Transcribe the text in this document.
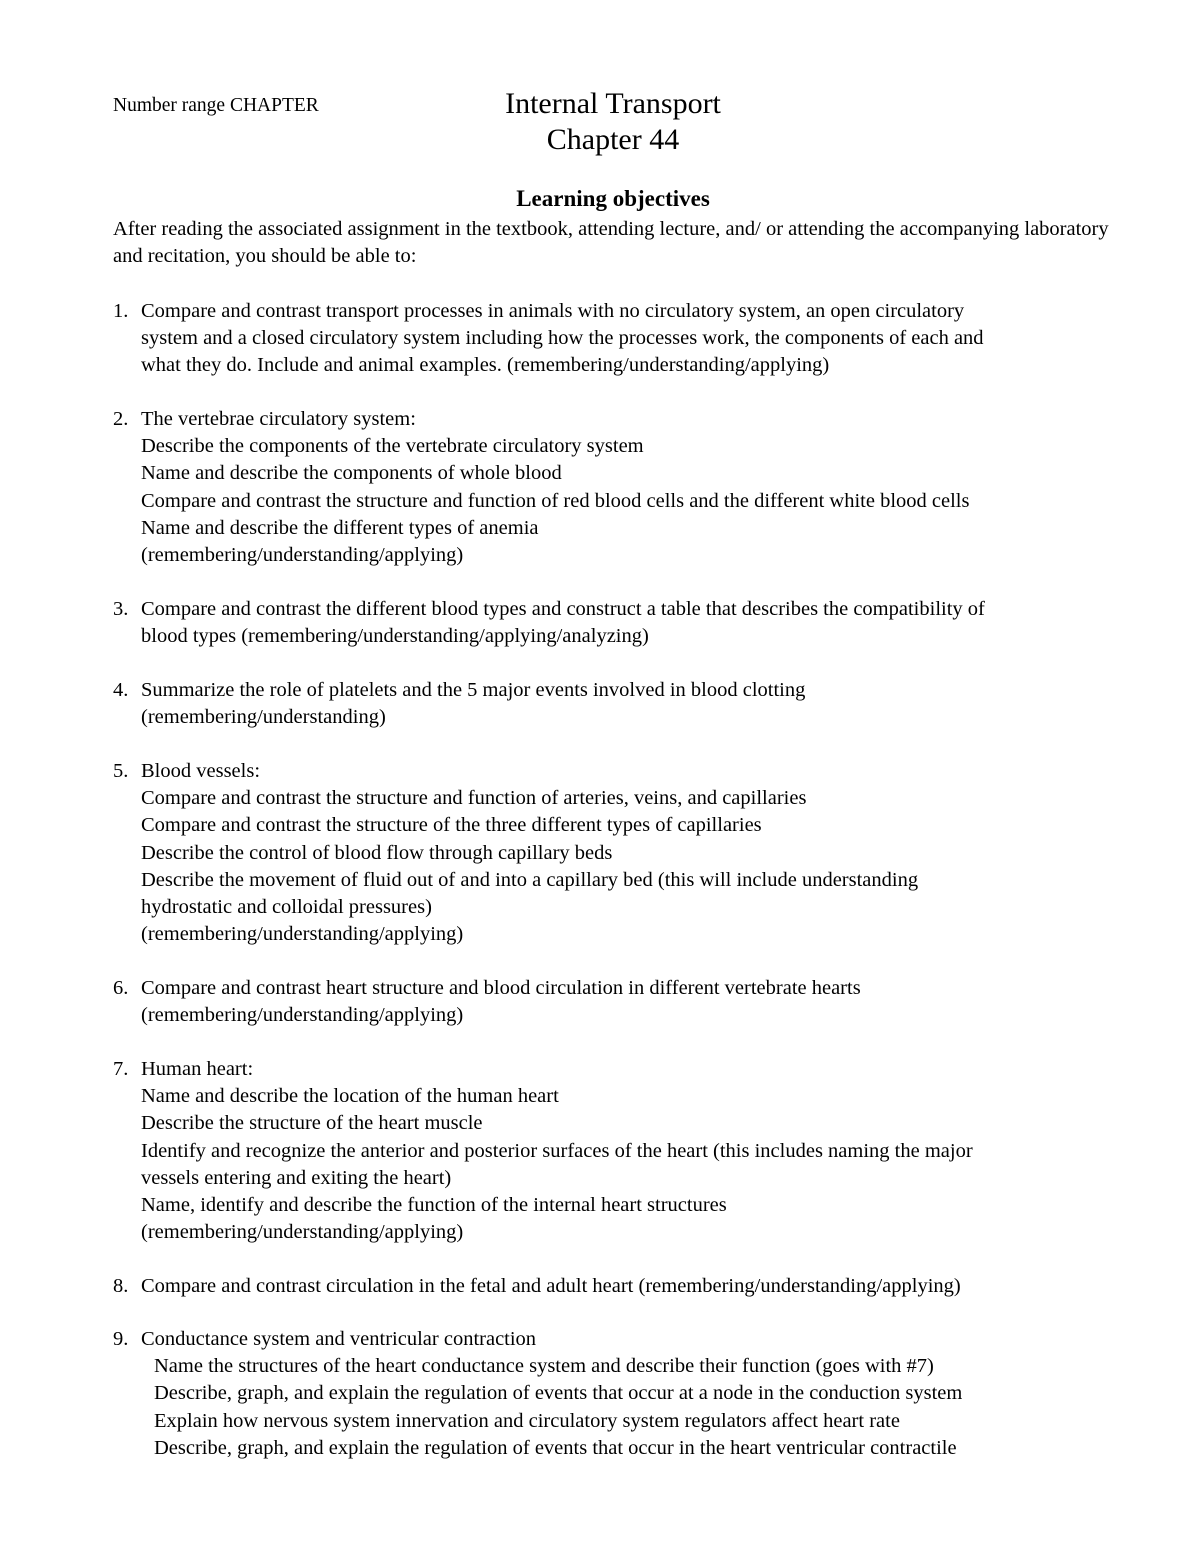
Number range CHAPTER	Internal Transport
Chapter 44
Learning objectives
After reading the associated assignment in the textbook, attending lecture, and/ or attending the accompanying laboratory and recitation, you should be able to:
1. Compare and contrast transport processes in animals with no circulatory system, an open circulatory
system and a closed circulatory system including how the processes work, the components of each and
what they do. Include and animal examples. (remembering/understanding/applying)
2. The vertebrae circulatory system:
Describe the components of the vertebrate circulatory system
Name and describe the components of whole blood
Compare and contrast the structure and function of red blood cells and the different white blood cells
Name and describe the different types of anemia
(remembering/understanding/applying)
3. Compare and contrast the different blood types and construct a table that describes the compatibility of
blood types (remembering/understanding/applying/analyzing)
4. Summarize the role of platelets and the 5 major events involved in blood clotting
(remembering/understanding)
5. Blood vessels:
Compare and contrast the structure and function of arteries, veins, and capillaries
Compare and contrast the structure of the three different types of capillaries
Describe the control of blood flow through capillary beds
Describe the movement of fluid out of and into a capillary bed (this will include understanding
hydrostatic and colloidal pressures)
(remembering/understanding/applying)
6. Compare and contrast heart structure and blood circulation in different vertebrate hearts
(remembering/understanding/applying)
7. Human heart:
Name and describe the location of the human heart
Describe the structure of the heart muscle
Identify and recognize the anterior and posterior surfaces of the heart (this includes naming the major
vessels entering and exiting the heart)
Name, identify and describe the function of the internal heart structures
(remembering/understanding/applying)
8. Compare and contrast circulation in the fetal and adult heart (remembering/understanding/applying)
9. Conductance system and ventricular contraction
Name the structures of the heart conductance system and describe their function (goes with #7)
Describe, graph, and explain the regulation of events that occur at a node in the conduction system
Explain how nervous system innervation and circulatory system regulators affect heart rate
Describe, graph, and explain the regulation of events that occur in the heart ventricular contractile
